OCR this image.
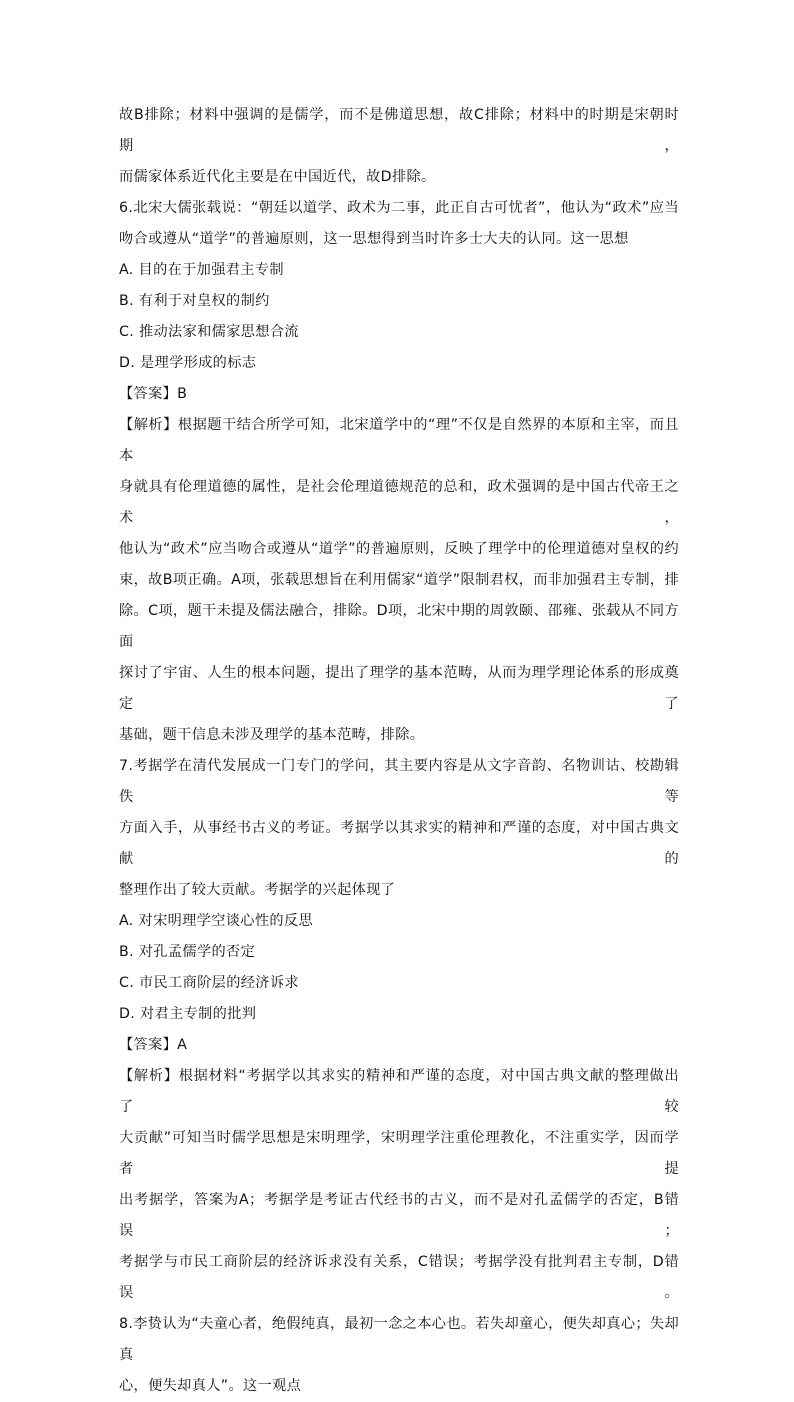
故B排除；材料中强调的是儒学，而不是佛道思想，故C排除；材料中的时期是宋朝时期，
而儒家体系近代化主要是在中国近代，故D排除。
6.北宋大儒张载说：“朝廷以道学、政术为二事，此正自古可忧者”，他认为“政术”应当
吻合或遵从“道学”的普遍原则，这一思想得到当时许多士大夫的认同。这一思想
A. 目的在于加强君主专制
B. 有利于对皇权的制约
C. 推动法家和儒家思想合流
D. 是理学形成的标志
【答案】B
【解析】根据题干结合所学可知，北宋道学中的“理”不仅是自然界的本原和主宰，而且本
身就具有伦理道德的属性，是社会伦理道德规范的总和，政术强调的是中国古代帝王之术，
他认为“政术”应当吻合或遵从“道学”的普遍原则，反映了理学中的伦理道德对皇权的约
束，故B项正确。A项，张载思想旨在利用儒家“道学”限制君权，而非加强君主专制，排
除。C项，题干未提及儒法融合，排除。D项，北宋中期的周敦颐、邵雍、张载从不同方面
探讨了宇宙、人生的根本问题，提出了理学的基本范畴，从而为理学理论体系的形成奠定了
基础，题干信息未涉及理学的基本范畴，排除。
7.考据学在清代发展成一门专门的学问，其主要内容是从文字音韵、名物训诂、校勘辑佚等
方面入手，从事经书古义的考证。考据学以其求实的精神和严谨的态度，对中国古典文献的
整理作出了较大贡献。考据学的兴起体现了
A. 对宋明理学空谈心性的反思
B. 对孔孟儒学的否定
C. 市民工商阶层的经济诉求
D. 对君主专制的批判
【答案】A
【解析】根据材料“考据学以其求实的精神和严谨的态度，对中国古典文献的整理做出了较
大贡献”可知当时儒学思想是宋明理学，宋明理学注重伦理教化，不注重实学，因而学者提
出考据学，答案为A；考据学是考证古代经书的古义，而不是对孔孟儒学的否定，B错误；
考据学与市民工商阶层的经济诉求没有关系，C错误；考据学没有批判君主专制，D错误。
8.李贽认为“夫童心者，绝假纯真，最初一念之本心也。若失却童心，便失却真心；失却真
心，便失却真人”。这一观点
